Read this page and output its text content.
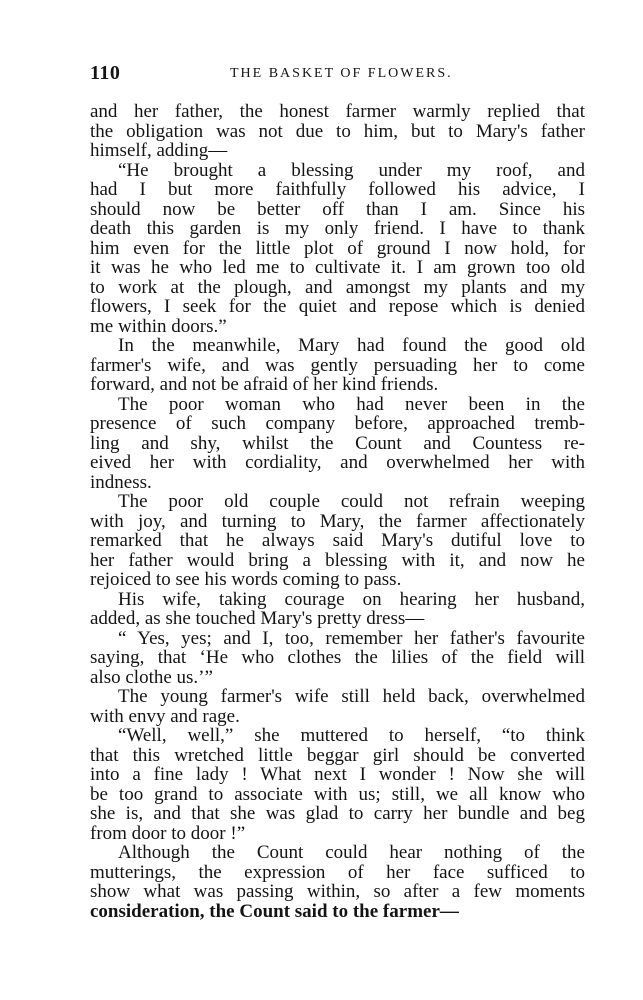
110	THE BASKET OF FLOWERS.
and her father, the honest farmer warmly replied that
the obligation was not due to him, but to Mary's father
himself, adding—
“He brought a blessing under my roof, and
had I but more faithfully followed his advice, I
should now be better off than I am. Since his
death this garden is my only friend. I have to thank
him even for the little plot of ground I now hold, for
it was he who led me to cultivate it. I am grown too old
to work at the plough, and amongst my plants and my
flowers, I seek for the quiet and repose which is denied
me within doors.”
In the meanwhile, Mary had found the good old
farmer's wife, and was gently persuading her to come
forward, and not be afraid of her kind friends.
The poor woman who had never been in the
presence of such company before, approached tremb-
ling and shy, whilst the Count and Countess re-
eived her with cordiality, and overwhelmed her with
indness.
The poor old couple could not refrain weeping
with joy, and turning to Mary, the farmer affectionately
remarked that he always said Mary's dutiful love to
her father would bring a blessing with it, and now he
rejoiced to see his words coming to pass.
His wife, taking courage on hearing her husband,
added, as she touched Mary's pretty dress—
“ Yes, yes; and I, too, remember her father's favourite
saying, that ‘He who clothes the lilies of the field will
also clothe us.’”
The young farmer's wife still held back, overwhelmed
with envy and rage.
“Well, well,” she muttered to herself, “to think
that this wretched little beggar girl should be converted
into a fine lady ! What next I wonder ! Now she will
be too grand to associate with us; still, we all know who
she is, and that she was glad to carry her bundle and beg
from door to door !”
Although the Count could hear nothing of the
mutterings, the expression of her face sufficed to
show what was passing within, so after a few moments
consideration, the Count said to the farmer—
